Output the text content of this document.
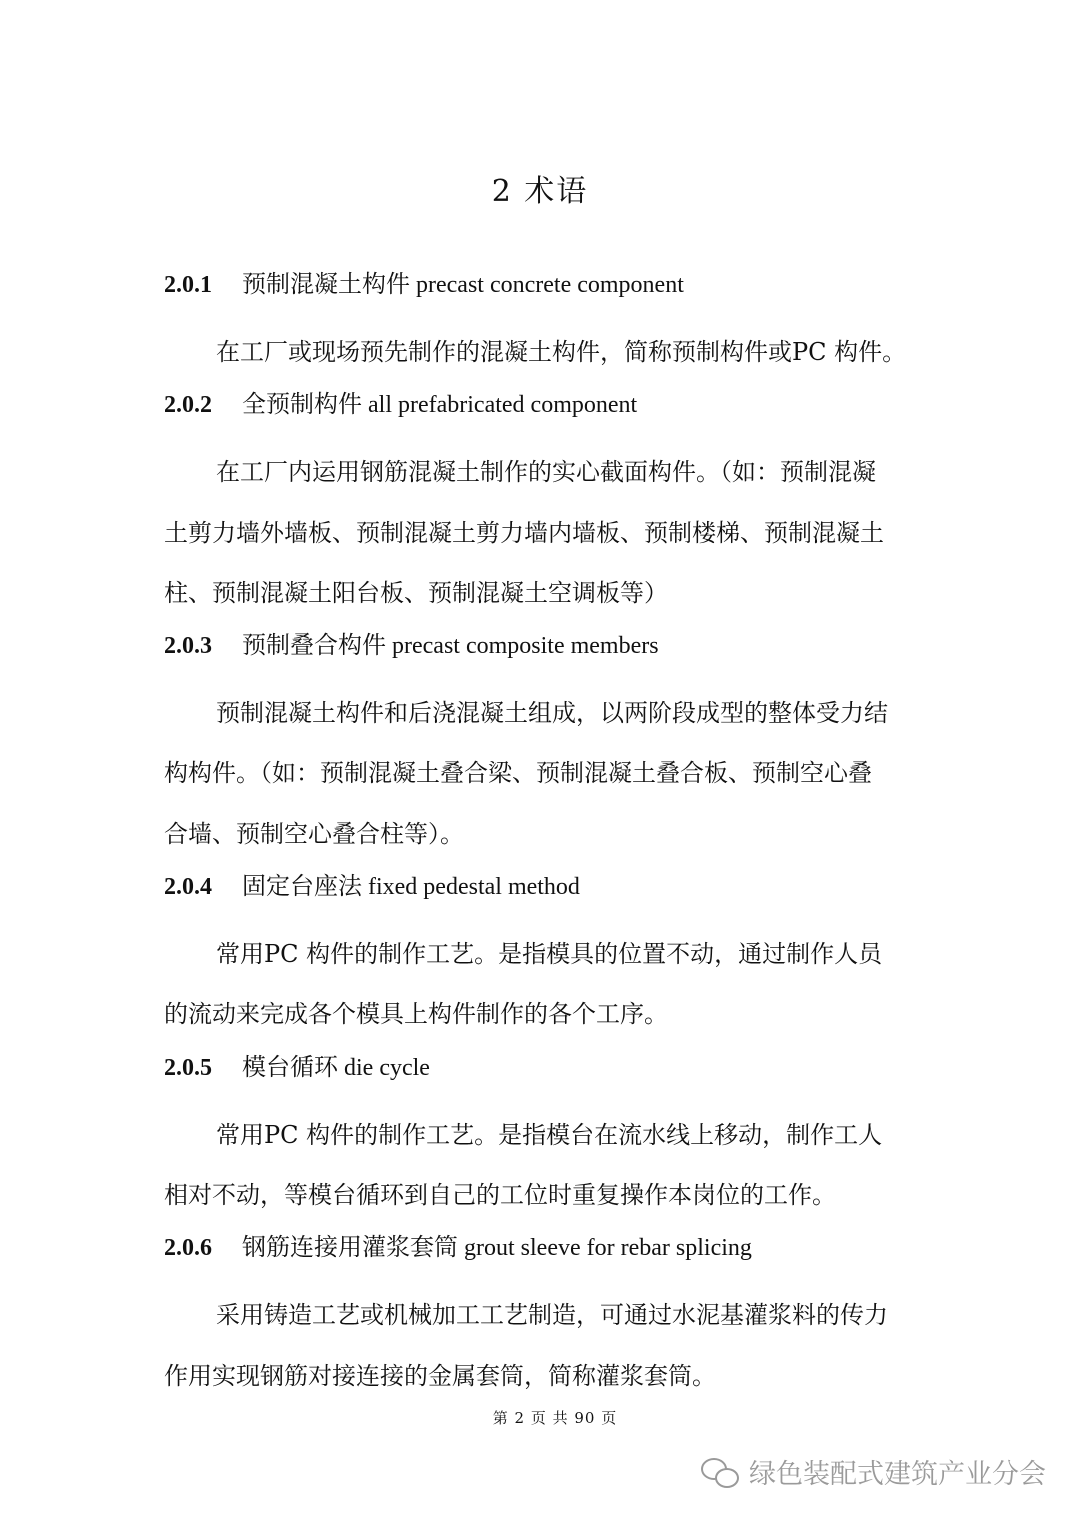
2 术语
2.0.1 预制混凝土构件 precast concrete component

在工厂或现场预先制作的混凝土构件，简称预制构件或PC 构件。

2.0.2 全预制构件 all prefabricated component

在工厂内运用钢筋混凝土制作的实心截面构件。（如：预制混凝
土剪力墙外墙板、预制混凝土剪力墙内墙板、预制楼梯、预制混凝土
柱、预制混凝土阳台板、预制混凝土空调板等）

2.0.3 预制叠合构件 precast composite members

预制混凝土构件和后浇混凝土组成，以两阶段成型的整体受力结
构构件。（如：预制混凝土叠合梁、预制混凝土叠合板、预制空心叠
合墙、预制空心叠合柱等）。

2.0.4 固定台座法 fixed pedestal method

常用PC 构件的制作工艺。是指模具的位置不动，通过制作人员
的流动来完成各个模具上构件制作的各个工序。

2.0.5 模台循环 die cycle

常用PC 构件的制作工艺。是指模台在流水线上移动，制作工人
相对不动，等模台循环到自己的工位时重复操作本岗位的工作。

2.0.6 钢筋连接用灌浆套筒 grout sleeve for rebar splicing

采用铸造工艺或机械加工工艺制造，可通过水泥基灌浆料的传力
作用实现钢筋对接连接的金属套筒，简称灌浆套筒。

第 2 页 共 90 页
绿色装配式建筑产业分会
